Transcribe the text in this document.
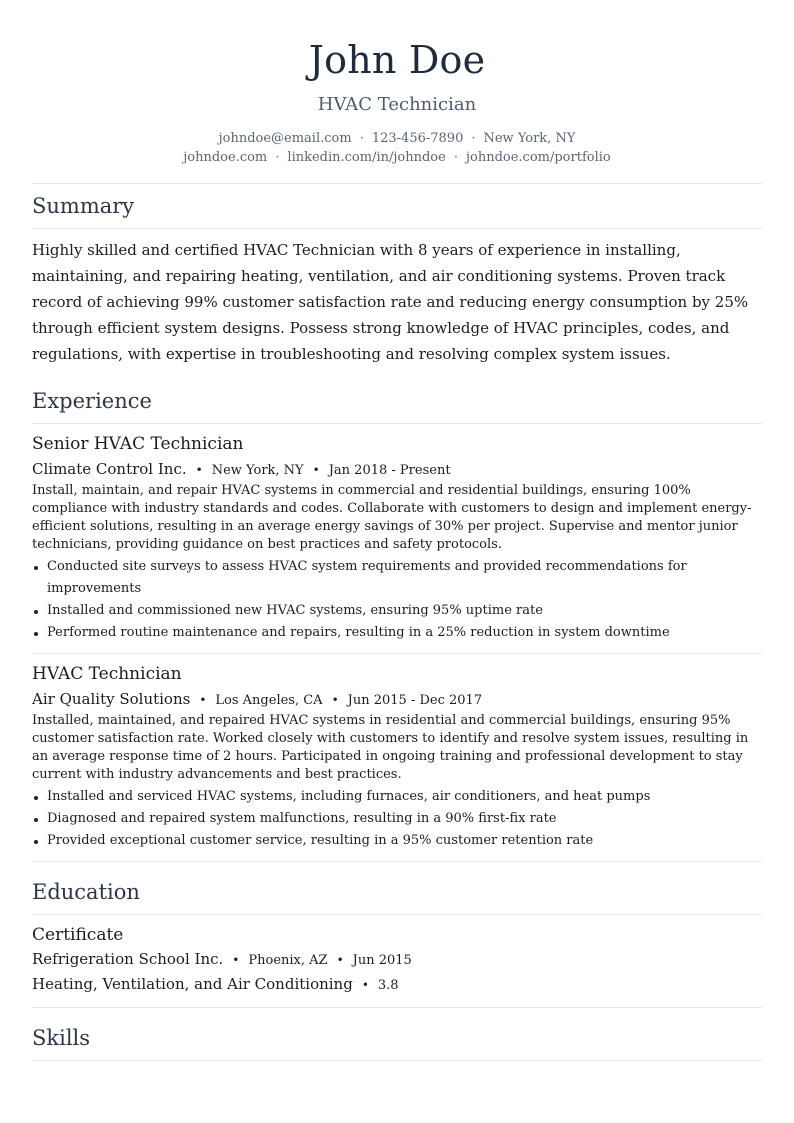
John Doe
HVAC Technician
johndoe@email.com · 123-456-7890 · New York, NY
johndoe.com · linkedin.com/in/johndoe · johndoe.com/portfolio
Summary
Highly skilled and certified HVAC Technician with 8 years of experience in installing, maintaining, and repairing heating, ventilation, and air conditioning systems. Proven track record of achieving 99% customer satisfaction rate and reducing energy consumption by 25% through efficient system designs. Possess strong knowledge of HVAC principles, codes, and regulations, with expertise in troubleshooting and resolving complex system issues.
Experience
Senior HVAC Technician
Climate Control Inc. • New York, NY • Jan 2018 - Present
Install, maintain, and repair HVAC systems in commercial and residential buildings, ensuring 100% compliance with industry standards and codes. Collaborate with customers to design and implement energy-efficient solutions, resulting in an average energy savings of 30% per project. Supervise and mentor junior technicians, providing guidance on best practices and safety protocols.
Conducted site surveys to assess HVAC system requirements and provided recommendations for improvements
Installed and commissioned new HVAC systems, ensuring 95% uptime rate
Performed routine maintenance and repairs, resulting in a 25% reduction in system downtime
HVAC Technician
Air Quality Solutions • Los Angeles, CA • Jun 2015 - Dec 2017
Installed, maintained, and repaired HVAC systems in residential and commercial buildings, ensuring 95% customer satisfaction rate. Worked closely with customers to identify and resolve system issues, resulting in an average response time of 2 hours. Participated in ongoing training and professional development to stay current with industry advancements and best practices.
Installed and serviced HVAC systems, including furnaces, air conditioners, and heat pumps
Diagnosed and repaired system malfunctions, resulting in a 90% first-fix rate
Provided exceptional customer service, resulting in a 95% customer retention rate
Education
Certificate
Refrigeration School Inc. • Phoenix, AZ • Jun 2015
Heating, Ventilation, and Air Conditioning • 3.8
Skills
